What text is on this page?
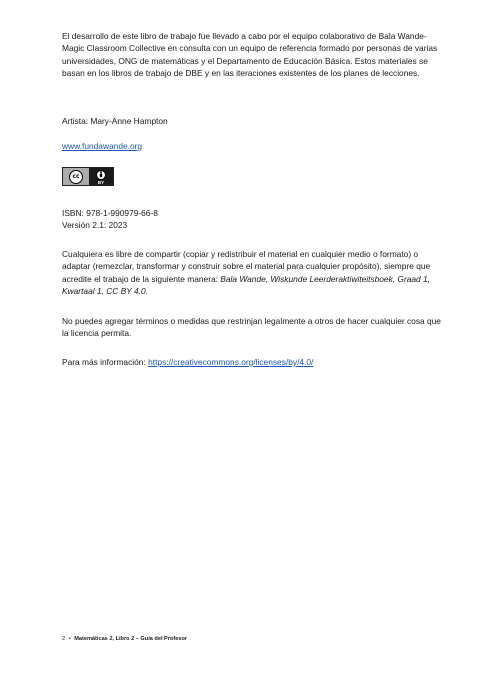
El desarrollo de este libro de trabajo fue llevado a cabo por el equipo colaborativo de Bala Wande-Magic Classroom Collective en consulta con un equipo de referencia formado por personas de varias universidades, ONG de matemáticas y el Departamento de Educación Básica. Estos materiales se basan en los libros de trabajo de DBE y en las iteraciones existentes de los planes de lecciones.

Artista: Mary-Anne Hampton

www.fundawande.org
cc
BY

ISBN: 978-1-990979-66-8

Versión 2.1: 2023

Cualquiera es libre de compartir (copiar y redistribuir el material en cualquier medio o formato) o adaptar (remezclar, transformar y construir sobre el material para cualquier propósito), siempre que acredite el trabajo de la siguiente manera: Bala Wande, Wiskunde Leerderaktiwiteitsboek, Graad 1, Kwartaal 1, CC BY 4.0.

No puedes agregar términos o medidas que restrinjan legalmente a otros de hacer cualquier cosa que la licencia permita.

Para más información: https://creativecommons.org/licenses/by/4.0/

2 • Matemáticas 2, Libro 2 – Guía del Profesor
